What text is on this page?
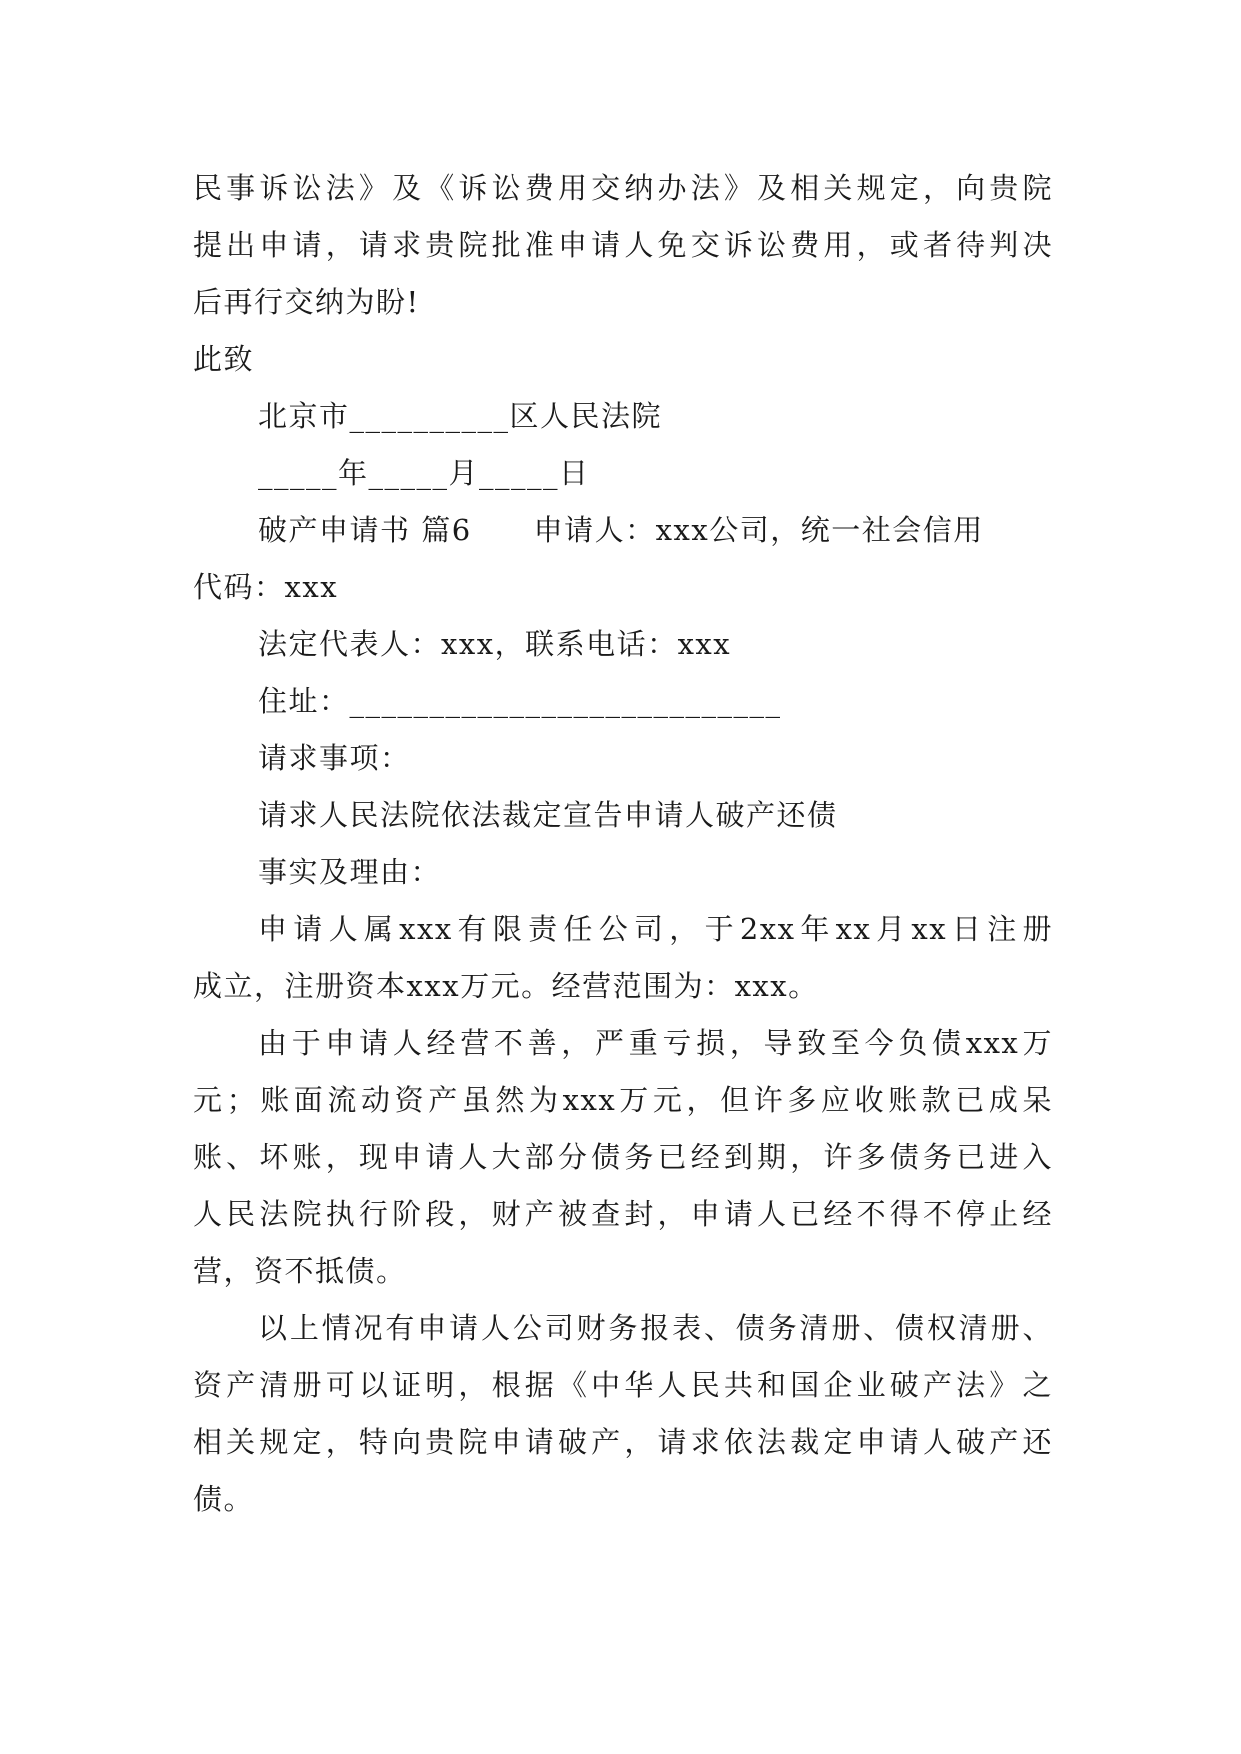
民事诉讼法》及《诉讼费用交纳办法》及相关规定，向贵院
提出申请，请求贵院批准申请人免交诉讼费用，或者待判决
后再行交纳为盼!
此致
北京市__________区人民法院
_____年_____月_____日
破产申请书 篇6 申请人：xxx公司，统一社会信用
代码：xxx
法定代表人：xxx，联系电话：xxx
住址：___________________________
请求事项：
请求人民法院依法裁定宣告申请人破产还债
事实及理由：
申请人属xxx有限责任公司，于2xx年xx月xx日注册
成立，注册资本xxx万元。经营范围为：xxx。
由于申请人经营不善，严重亏损，导致至今负债xxx万
元；账面流动资产虽然为xxx万元，但许多应收账款已成呆
账、坏账，现申请人大部分债务已经到期，许多债务已进入
人民法院执行阶段，财产被查封，申请人已经不得不停止经
营，资不抵债。
以上情况有申请人公司财务报表、债务清册、债权清册、
资产清册可以证明，根据《中华人民共和国企业破产法》之
相关规定，特向贵院申请破产，请求依法裁定申请人破产还
债。
